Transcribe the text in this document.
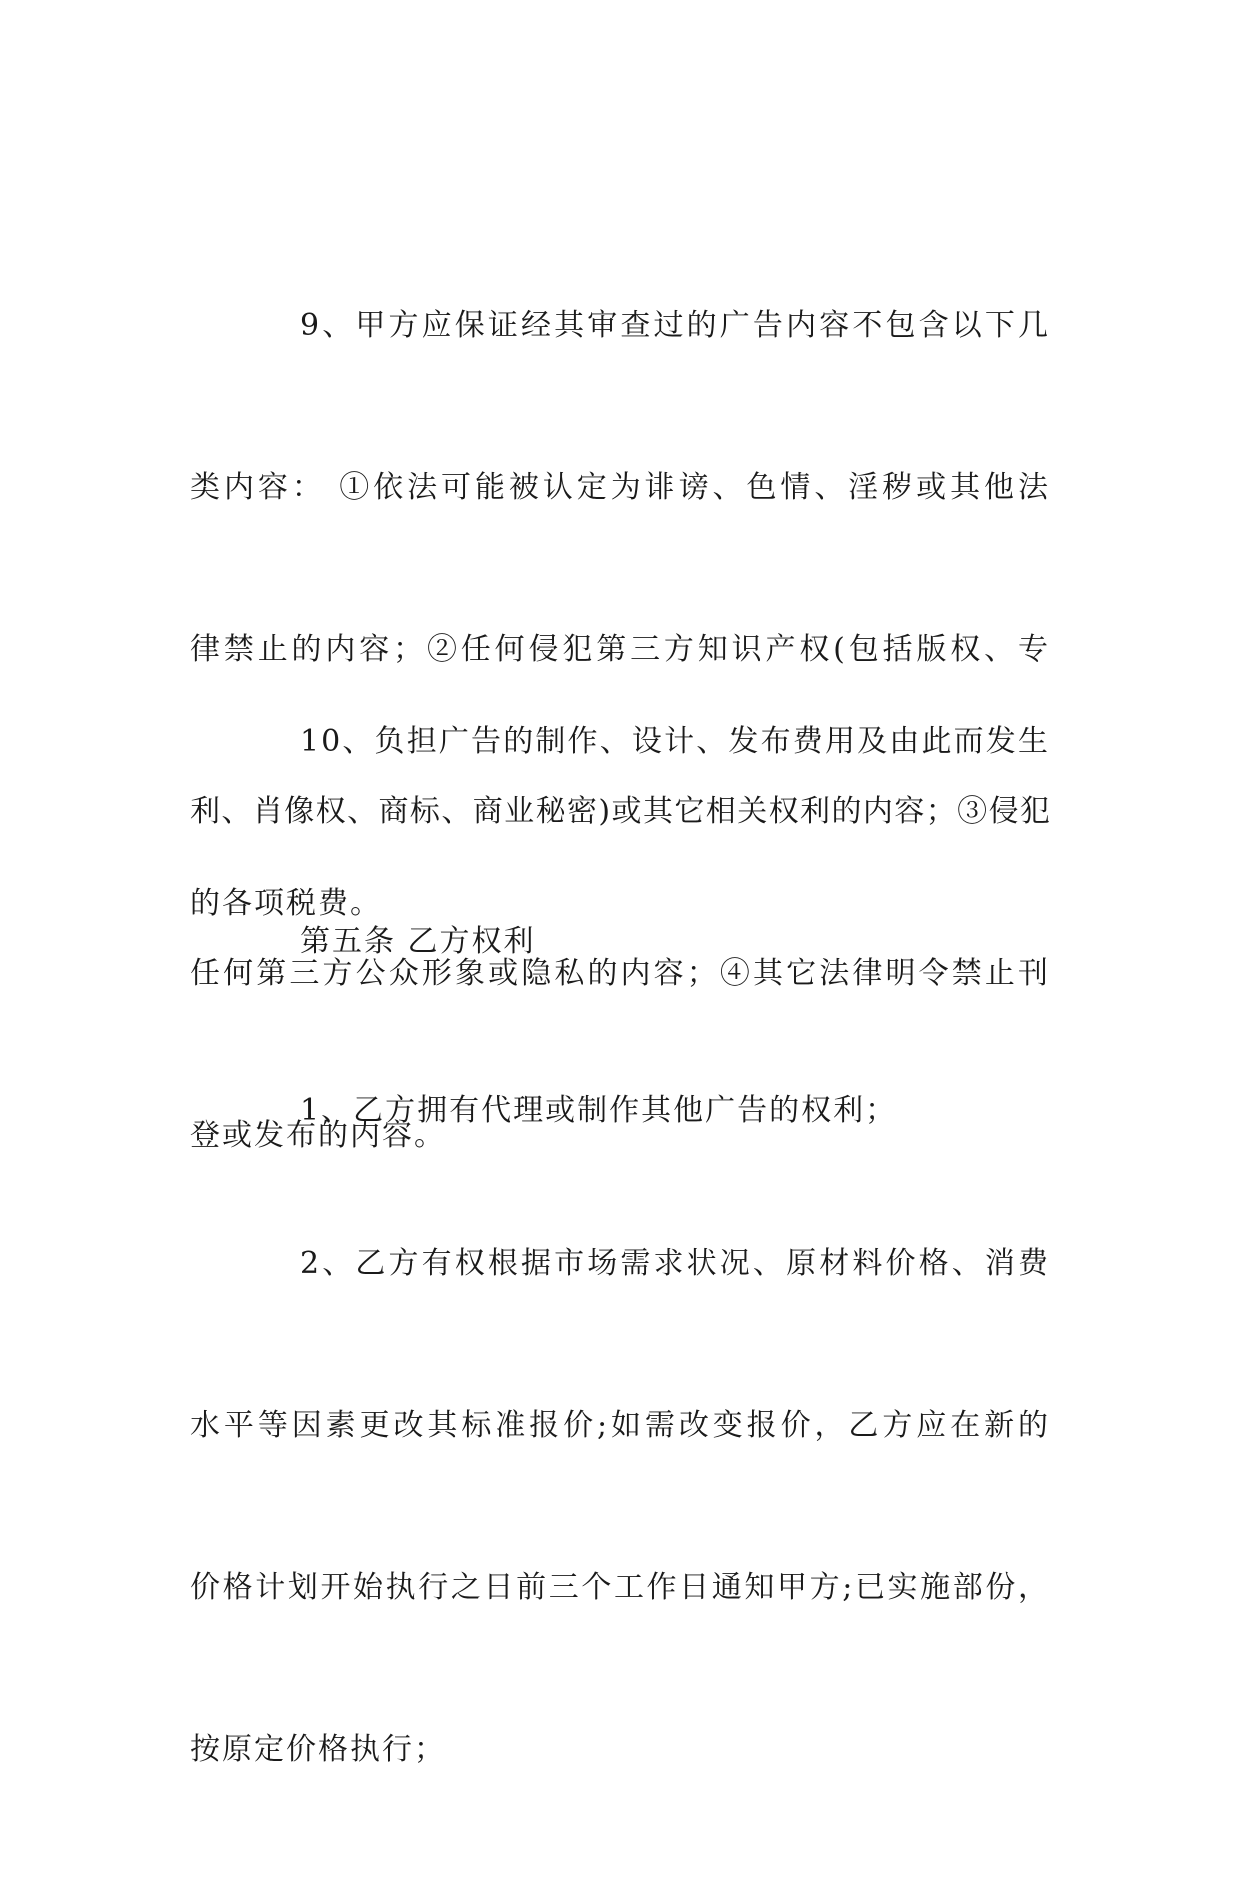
9、甲方应保证经其审查过的广告内容不包含以下几

类内容： ①依法可能被认定为诽谤、色情、淫秽或其他法

律禁止的内容；②任何侵犯第三方知识产权(包括版权、专

利、肖像权、商标、商业秘密)或其它相关权利的内容；③侵犯

任何第三方公众形象或隐私的内容；④其它法律明令禁止刊

登或发布的内容。

10、负担广告的制作、设计、发布费用及由此而发生

的各项税费。

第五条 乙方权利

1、乙方拥有代理或制作其他广告的权利；

2、乙方有权根据市场需求状况、原材料价格、消费

水平等因素更改其标准报价;如需改变报价，乙方应在新的

价格计划开始执行之日前三个工作日通知甲方;已实施部份，

按原定价格执行；
